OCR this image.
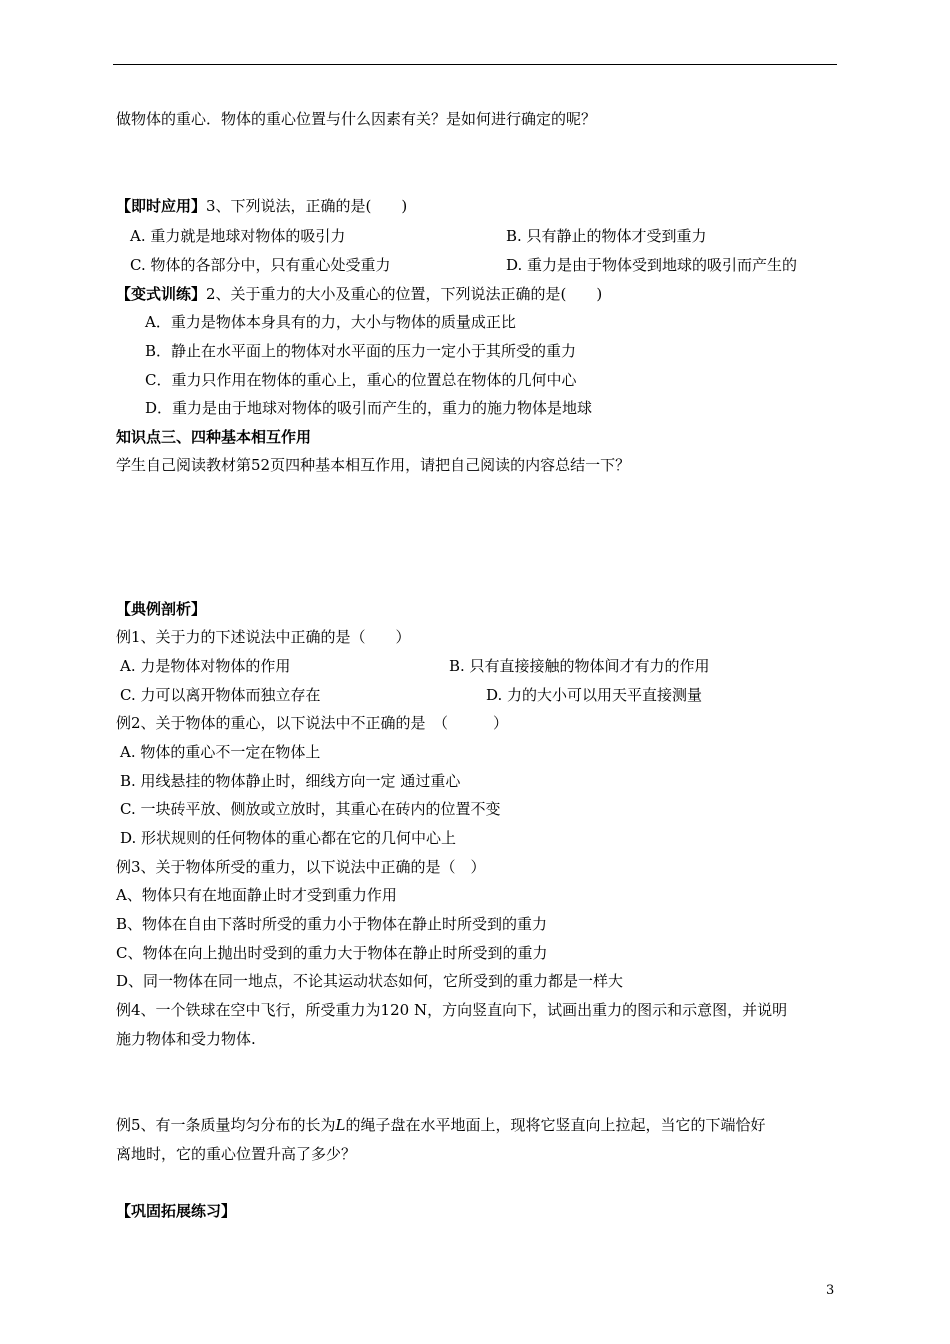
做物体的重心．物体的重心位置与什么因素有关？是如何进行确定的呢？
【即时应用】3、下列说法，正确的是(　　)
A. 重力就是地球对物体的吸引力	B. 只有静止的物体才受到重力
C. 物体的各部分中，只有重心处受重力	D. 重力是由于物体受到地球的吸引而产生的
【变式训练】2、关于重力的大小及重心的位置，下列说法正确的是(　　)
A．重力是物体本身具有的力，大小与物体的质量成正比
B．静止在水平面上的物体对水平面的压力一定小于其所受的重力
C．重力只作用在物体的重心上，重心的位置总在物体的几何中心
D．重力是由于地球对物体的吸引而产生的，重力的施力物体是地球
知识点三、四种基本相互作用
学生自己阅读教材第52页四种基本相互作用，请把自己阅读的内容总结一下？
【典例剖析】
例1、关于力的下述说法中正确的是（　　）
A. 力是物体对物体的作用	B. 只有直接接触的物体间才有力的作用
C. 力可以离开物体而独立存在	D. 力的大小可以用天平直接测量
例2、关于物体的重心，以下说法中不正确的是　（　　　）
A. 物体的重心不一定在物体上
B. 用线悬挂的物体静止时，细线方向一定 通过重心
C. 一块砖平放、侧放或立放时，其重心在砖内的位置不变
D. 形状规则的任何物体的重心都在它的几何中心上
例3、关于物体所受的重力，以下说法中正确的是（　）
A、物体只有在地面静止时才受到重力作用
B、物体在自由下落时所受的重力小于物体在静止时所受到的重力
C、物体在向上抛出时受到的重力大于物体在静止时所受到的重力
D、同一物体在同一地点，不论其运动状态如何，它所受到的重力都是一样大
例4、一个铁球在空中飞行，所受重力为120 N，方向竖直向下，试画出重力的图示和示意图，并说明
施力物体和受力物体.
例5、有一条质量均匀分布的长为L的绳子盘在水平地面上，现将它竖直向上拉起，当它的下端恰好
离地时，它的重心位置升高了多少？
【巩固拓展练习】
3
